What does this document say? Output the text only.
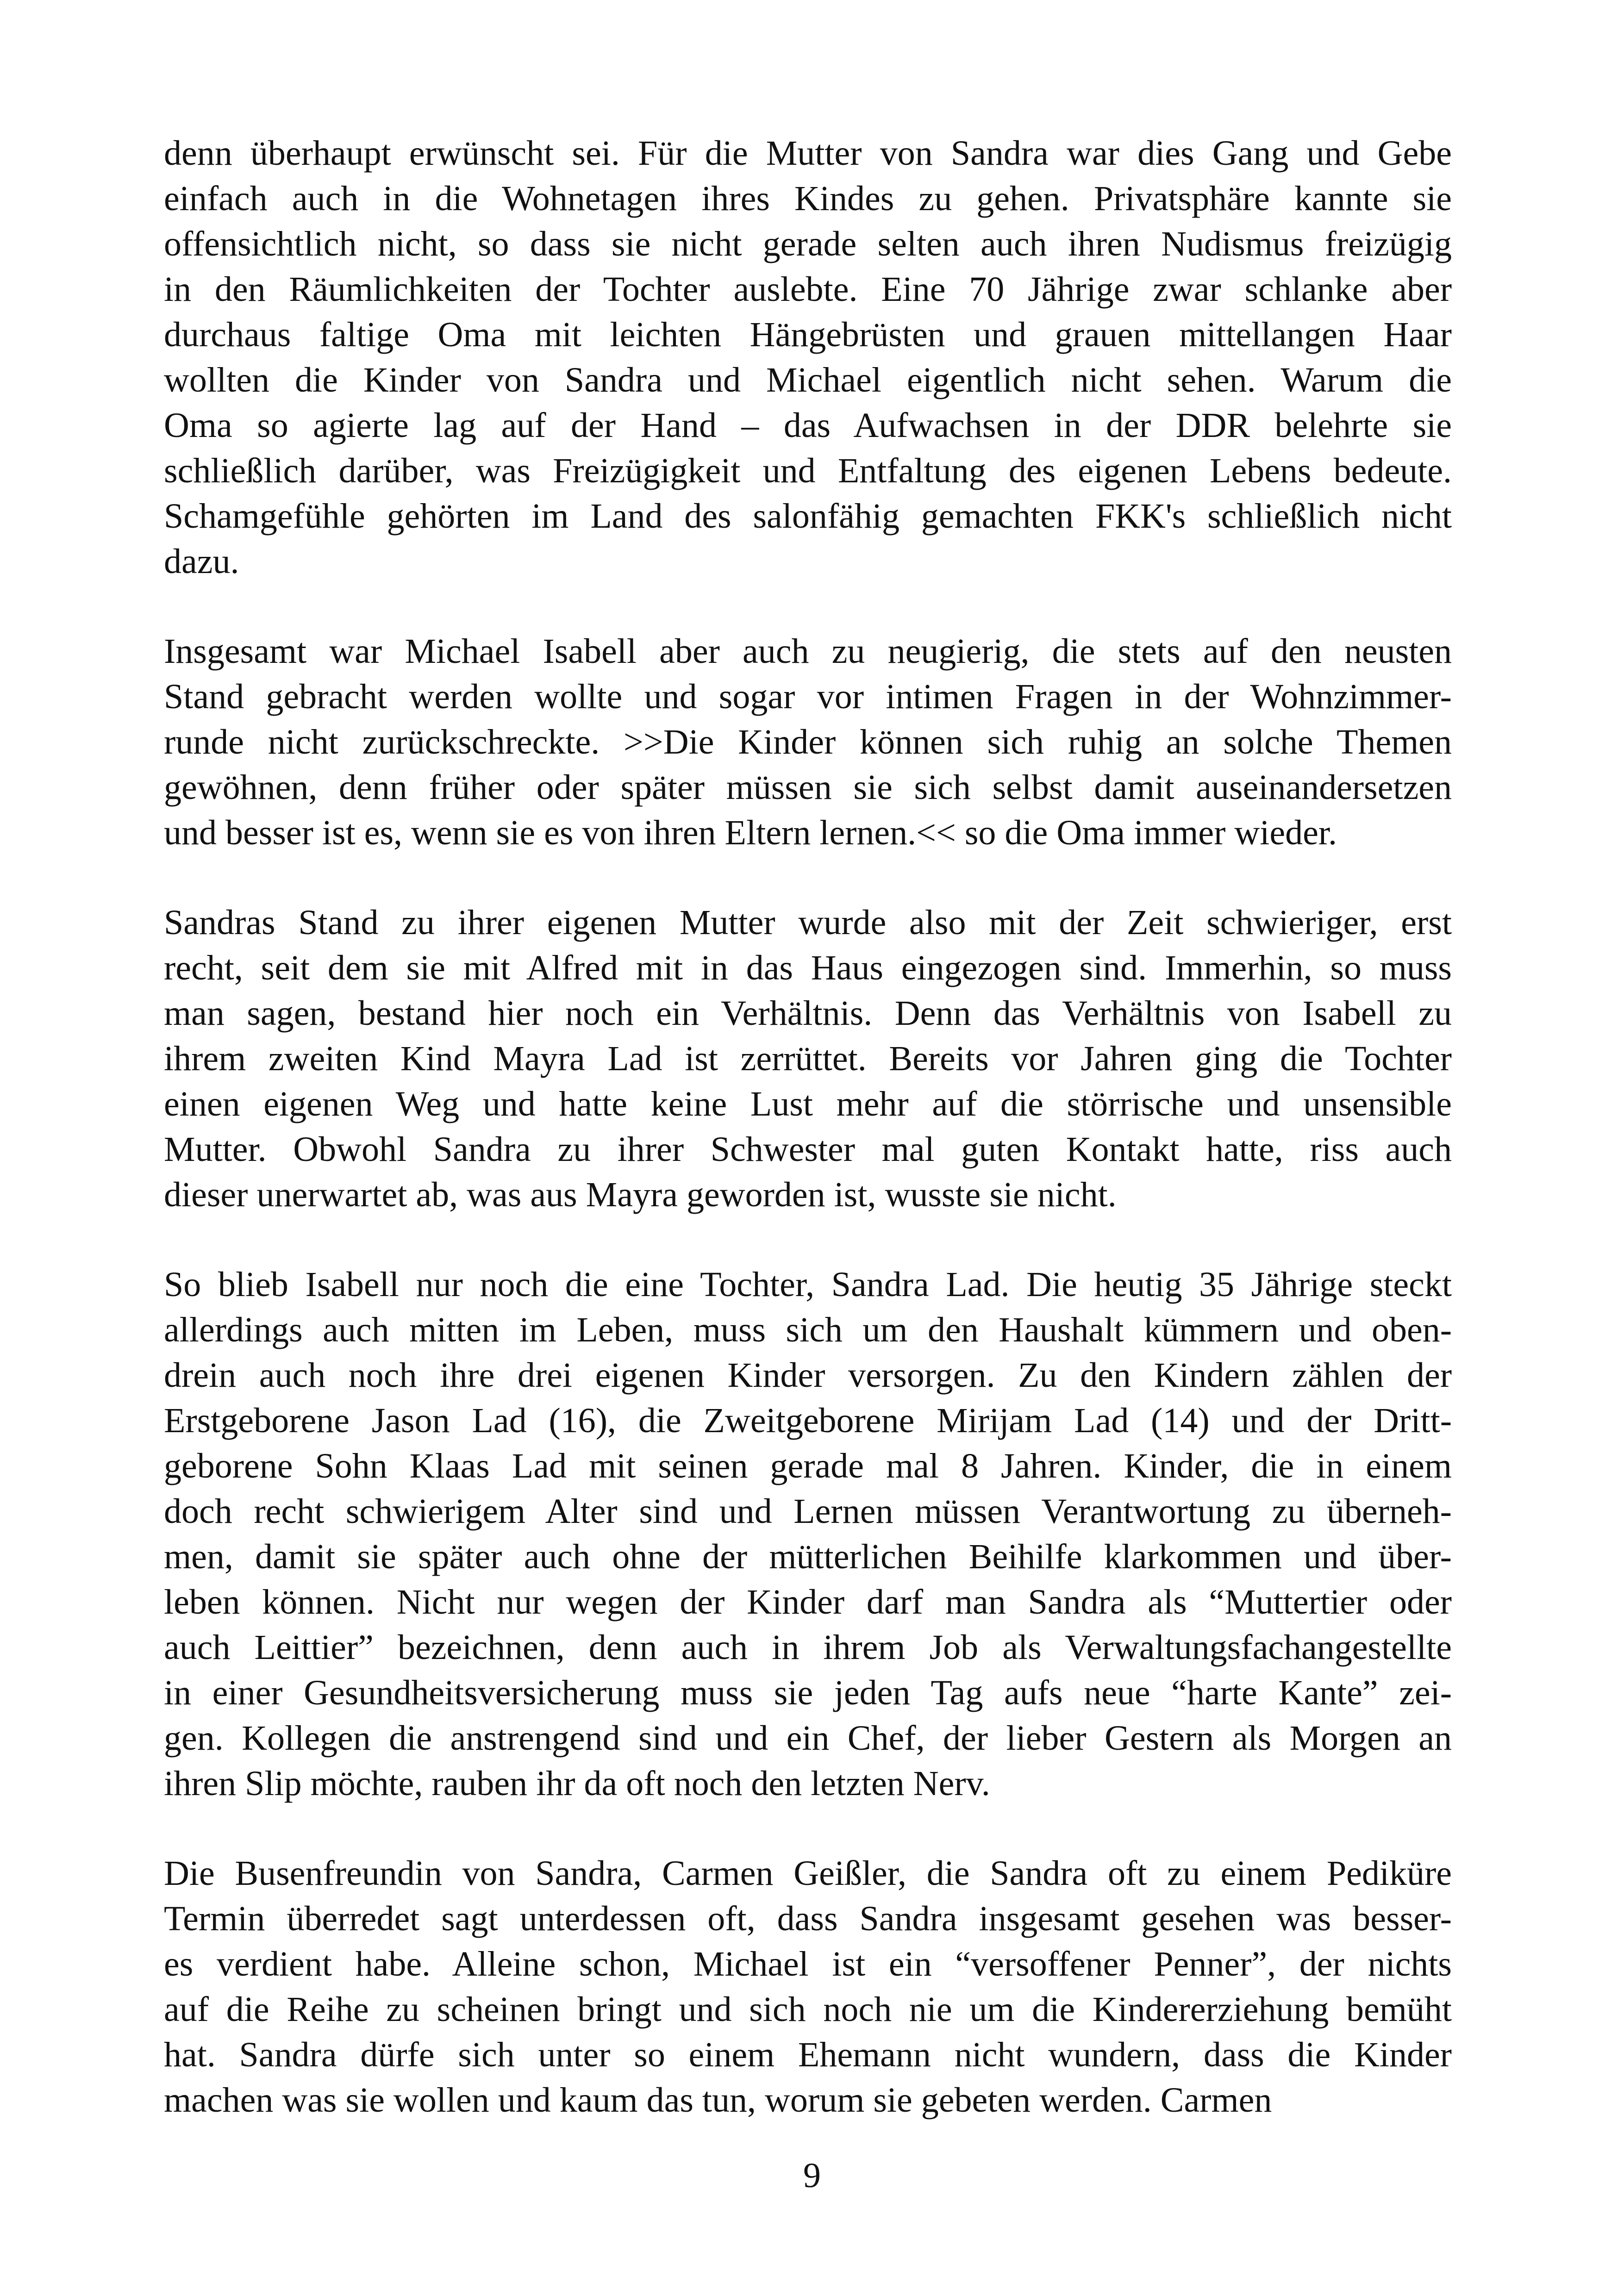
denn überhaupt erwünscht sei. Für die Mutter von Sandra war dies Gang und Gebe
einfach auch in die Wohnetagen ihres Kindes zu gehen. Privatsphäre kannte sie
offensichtlich nicht, so dass sie nicht gerade selten auch ihren Nudismus freizügig
in den Räumlichkeiten der Tochter auslebte. Eine 70 Jährige zwar schlanke aber
durchaus faltige Oma mit leichten Hängebrüsten und grauen mittellangen Haar
wollten die Kinder von Sandra und Michael eigentlich nicht sehen. Warum die
Oma so agierte lag auf der Hand – das Aufwachsen in der DDR belehrte sie
schließlich darüber, was Freizügigkeit und Entfaltung des eigenen Lebens bedeute.
Schamgefühle gehörten im Land des salonfähig gemachten FKK's schließlich nicht
dazu.

Insgesamt war Michael Isabell aber auch zu neugierig, die stets auf den neusten
Stand gebracht werden wollte und sogar vor intimen Fragen in der Wohnzimmer-
runde nicht zurückschreckte. >>Die Kinder können sich ruhig an solche Themen
gewöhnen, denn früher oder später müssen sie sich selbst damit auseinandersetzen
und besser ist es, wenn sie es von ihren Eltern lernen.<< so die Oma immer wieder.

Sandras Stand zu ihrer eigenen Mutter wurde also mit der Zeit schwieriger, erst
recht, seit dem sie mit Alfred mit in das Haus eingezogen sind. Immerhin, so muss
man sagen, bestand hier noch ein Verhältnis. Denn das Verhältnis von Isabell zu
ihrem zweiten Kind Mayra Lad ist zerrüttet. Bereits vor Jahren ging die Tochter
einen eigenen Weg und hatte keine Lust mehr auf die störrische und unsensible
Mutter. Obwohl Sandra zu ihrer Schwester mal guten Kontakt hatte, riss auch
dieser unerwartet ab, was aus Mayra geworden ist, wusste sie nicht.

So blieb Isabell nur noch die eine Tochter, Sandra Lad. Die heutig 35 Jährige steckt
allerdings auch mitten im Leben, muss sich um den Haushalt kümmern und oben-
drein auch noch ihre drei eigenen Kinder versorgen. Zu den Kindern zählen der
Erstgeborene Jason Lad (16), die Zweitgeborene Mirijam Lad (14) und der Dritt-
geborene Sohn Klaas Lad mit seinen gerade mal 8 Jahren. Kinder, die in einem
doch recht schwierigem Alter sind und Lernen müssen Verantwortung zu überneh-
men, damit sie später auch ohne der mütterlichen Beihilfe klarkommen und über-
leben können. Nicht nur wegen der Kinder darf man Sandra als “Muttertier oder
auch Leittier” bezeichnen, denn auch in ihrem Job als Verwaltungsfachangestellte
in einer Gesundheitsversicherung muss sie jeden Tag aufs neue “harte Kante” zei-
gen. Kollegen die anstrengend sind und ein Chef, der lieber Gestern als Morgen an
ihren Slip möchte, rauben ihr da oft noch den letzten Nerv.

Die Busenfreundin von Sandra, Carmen Geißler, die Sandra oft zu einem Pediküre
Termin überredet sagt unterdessen oft, dass Sandra insgesamt gesehen was besser-
es verdient habe. Alleine schon, Michael ist ein “versoffener Penner”, der nichts
auf die Reihe zu scheinen bringt und sich noch nie um die Kindererziehung bemüht
hat. Sandra dürfe sich unter so einem Ehemann nicht wundern, dass die Kinder
machen was sie wollen und kaum das tun, worum sie gebeten werden. Carmen

9
